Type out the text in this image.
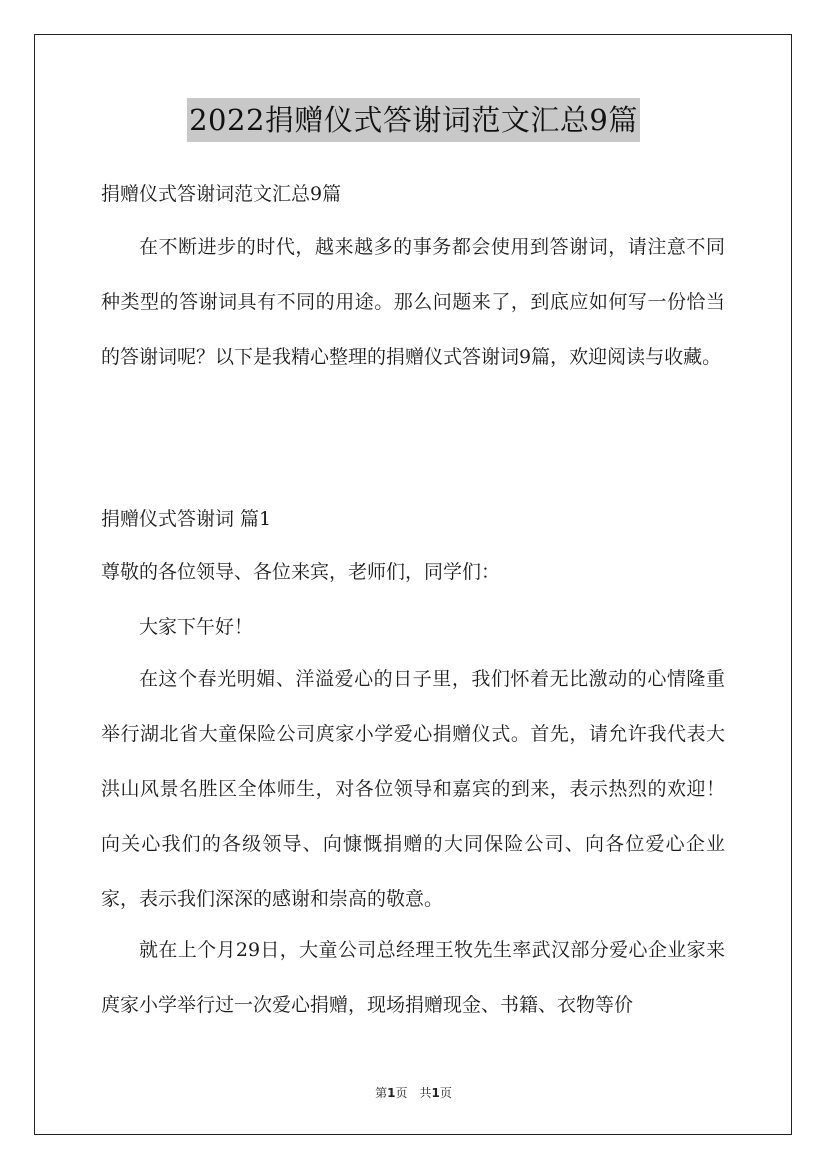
2022捐赠仪式答谢词范文汇总9篇
捐赠仪式答谢词范文汇总9篇

在不断进步的时代，越来越多的事务都会使用到答谢词，请注意不同种类型的答谢词具有不同的用途。那么问题来了，到底应如何写一份恰当的答谢词呢？以下是我精心整理的捐赠仪式答谢词9篇，欢迎阅读与收藏。

捐赠仪式答谢词 篇1
尊敬的各位领导、各位来宾，老师们，同学们：
大家下午好！

在这个春光明媚、洋溢爱心的日子里，我们怀着无比激动的心情隆重举行湖北省大童保险公司庹家小学爱心捐赠仪式。首先，请允许我代表大洪山风景名胜区全体师生，对各位领导和嘉宾的到来，表示热烈的欢迎！向关心我们的各级领导、向慷慨捐赠的大同保险公司、向各位爱心企业家，表示我们深深的感谢和崇高的敬意。

就在上个月29日，大童公司总经理王牧先生率武汉部分爱心企业家来庹家小学举行过一次爱心捐赠，现场捐赠现金、书籍、衣物等价

第1页　共1页
